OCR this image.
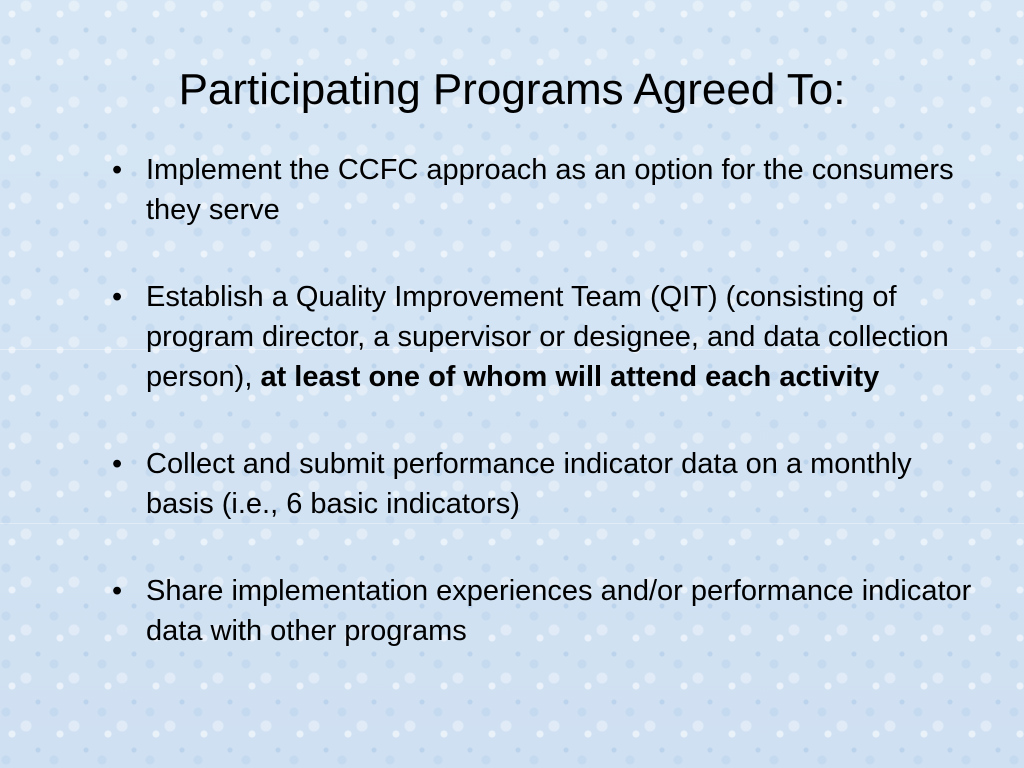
Participating Programs Agreed To:
• Implement the CCFC approach as an option for the consumers they serve
• Establish a Quality Improvement Team (QIT) (consisting of program director, a supervisor or designee, and data collection person), at least one of whom will attend each activity
• Collect and submit performance indicator data on a monthly basis (i.e., 6 basic indicators)
• Share implementation experiences and/or performance indicator data with other programs
